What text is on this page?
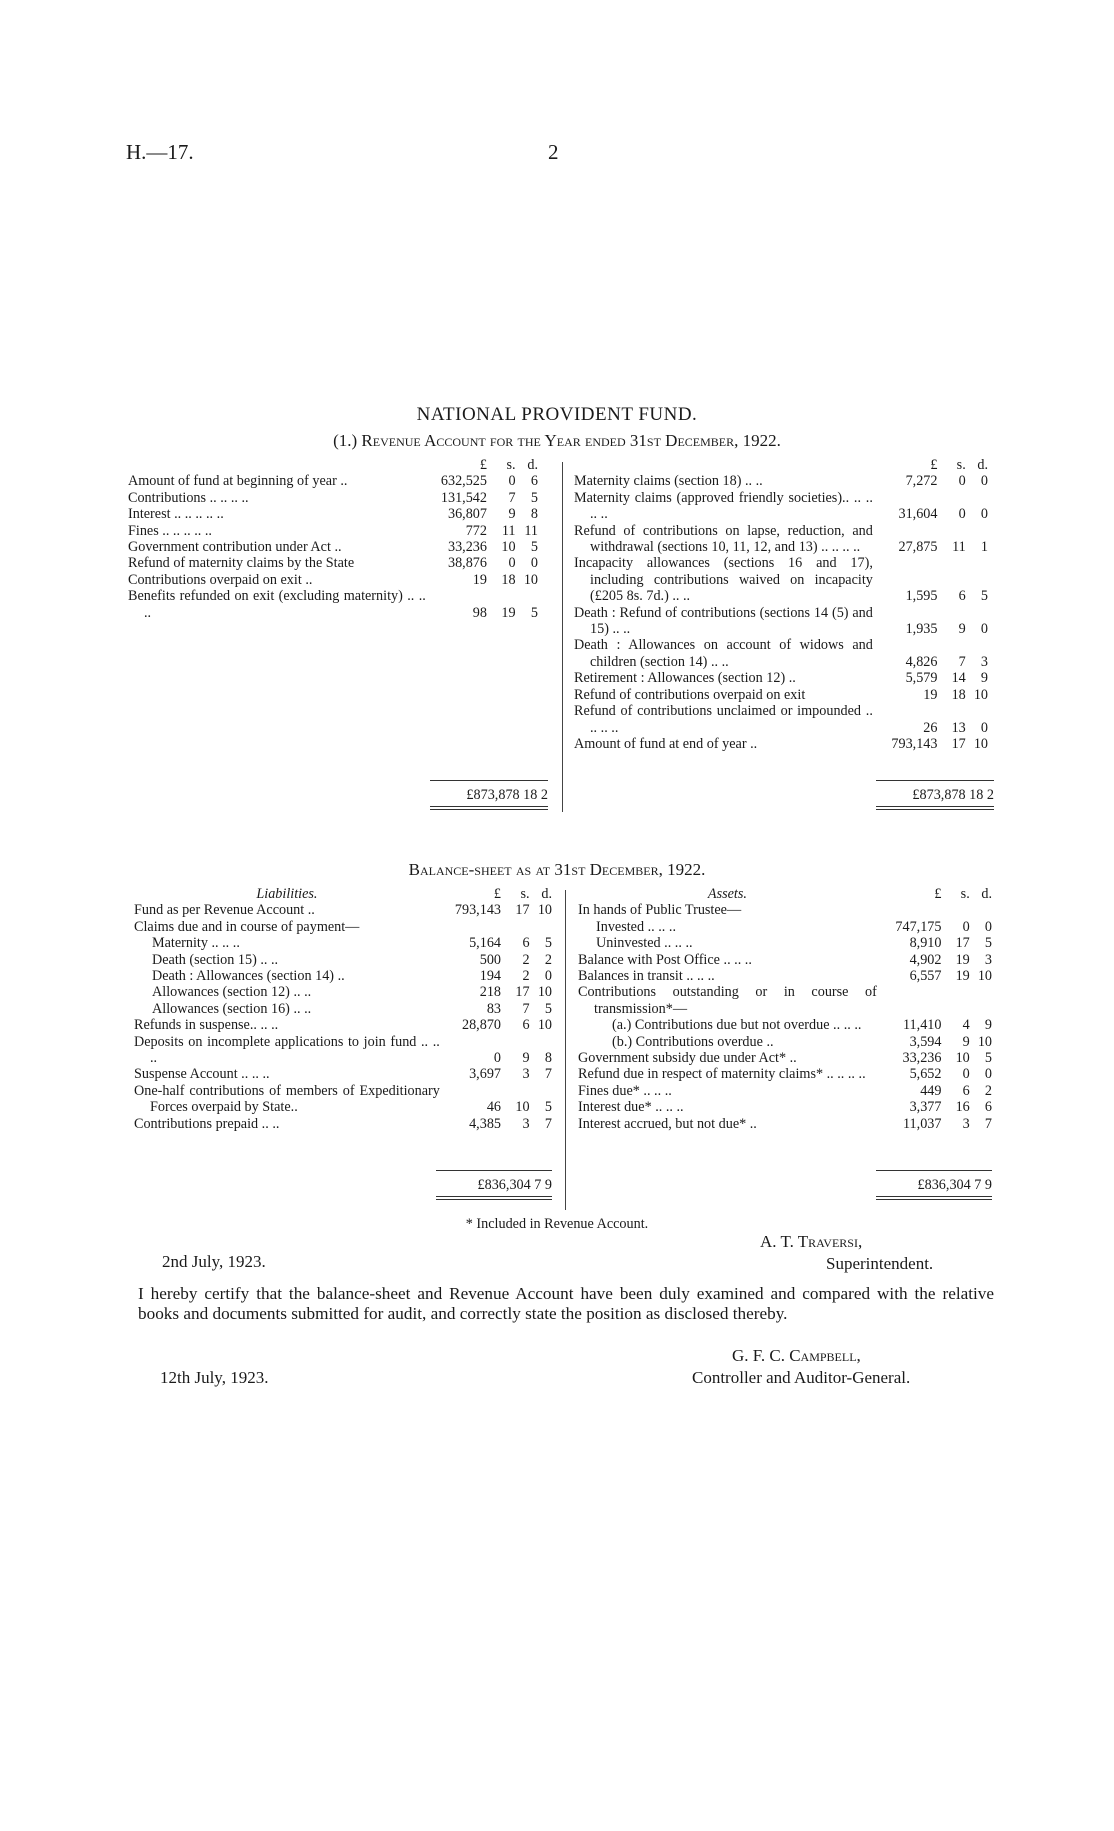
H.—17.	2
NATIONAL PROVIDENT FUND.
(1.) Revenue Account for the Year ended 31st December, 1922.
	£	s.	d.
Amount of fund at beginning of year ..	632,525	0	6
Contributions .. .. .. ..	131,542	7	5
Interest .. .. .. .. ..	36,807	9	8
Fines .. .. .. .. ..	772	11	11
Government contribution under Act ..	33,236	10	5
Refund of maternity claims by the State	38,876	0	0
Contributions overpaid on exit ..	19	18	10
Benefits refunded on exit (excluding maternity) .. .. ..	98	19	5
	£	s.	d.
Maternity claims (section 18) .. ..	7,272	0	0
Maternity claims (approved friendly societies).. .. .. .. ..	31,604	0	0
Refund of contributions on lapse, reduction, and withdrawal (sections 10, 11, 12, and 13) .. .. .. ..	27,875	11	1
Incapacity allowances (sections 16 and 17), including contributions waived on incapacity (£205 8s. 7d.) .. ..	1,595	6	5
Death : Refund of contributions (sections 14 (5) and 15) .. ..	1,935	9	0
Death : Allowances on account of widows and children (section 14) .. ..	4,826	7	3
Retirement : Allowances (section 12) ..	5,579	14	9
Refund of contributions overpaid on exit	19	18	10
Refund of contributions unclaimed or impounded .. .. .. ..	26	13	0
Amount of fund at end of year ..	793,143	17	10
£873,878 18 2	£873,878 18 2
Balance-sheet as at 31st December, 1922.
Liabilities.	£	s.	d.
Fund as per Revenue Account ..	793,143	17	10
Claims due and in course of payment—			
Maternity .. .. ..	5,164	6	5
Death (section 15) .. ..	500	2	2
Death : Allowances (section 14) ..	194	2	0
Allowances (section 12) .. ..	218	17	10
Allowances (section 16) .. ..	83	7	5
Refunds in suspense.. .. ..	28,870	6	10
Deposits on incomplete applications to join fund .. .. ..	0	9	8
Suspense Account .. .. ..	3,697	3	7
One-half contributions of members of Expeditionary Forces overpaid by State..	46	10	5
Contributions prepaid .. ..	4,385	3	7
Assets.	£	s.	d.
In hands of Public Trustee—			
Invested .. .. ..	747,175	0	0
Uninvested .. .. ..	8,910	17	5
Balance with Post Office .. .. ..	4,902	19	3
Balances in transit .. .. ..	6,557	19	10
Contributions outstanding or in course of transmission*—			
(a.) Contributions due but not overdue .. .. ..	11,410	4	9
(b.) Contributions overdue ..	3,594	9	10
Government subsidy due under Act* ..	33,236	10	5
Refund due in respect of maternity claims* .. .. .. ..	5,652	0	0
Fines due* .. .. ..	449	6	2
Interest due* .. .. ..	3,377	16	6
Interest accrued, but not due* ..	11,037	3	7
£836,304 7 9	£836,304 7 9
* Included in Revenue Account.
2nd July, 1923.
A. T. Traversi,
Superintendent.
I hereby certify that the balance-sheet and Revenue Account have been duly examined and compared with the relative books and documents submitted for audit, and correctly state the position as disclosed thereby.
12th July, 1923.
G. F. C. Campbell,
Controller and Auditor-General.
